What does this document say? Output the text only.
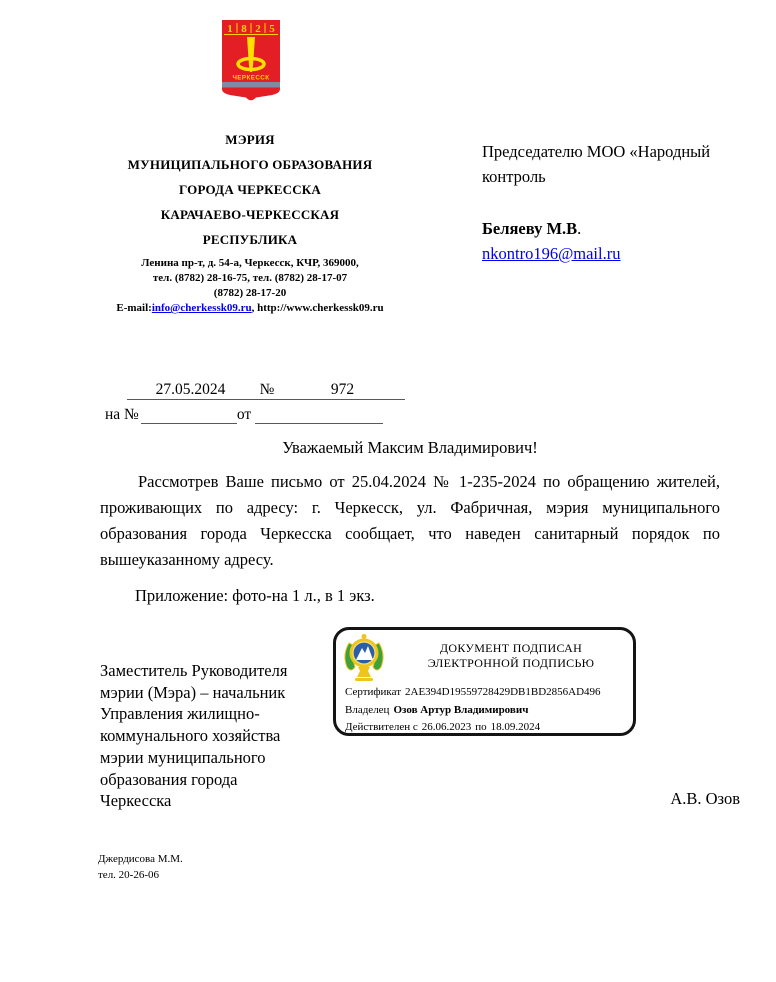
1 8 2 5
ЧЕРКЕССК
МЭРИЯ
МУНИЦИПАЛЬНОГО ОБРАЗОВАНИЯ
ГОРОДА ЧЕРКЕССКА
КАРАЧАЕВО-ЧЕРКЕССКАЯ
РЕСПУБЛИКА
Ленина пр-т, д. 54-а, Черкесск, КЧР, 369000,
тел. (8782) 28-16-75, тел. (8782) 28-17-07
(8782) 28-17-20
E-mail:info@cherkessk09.ru, http://www.cherkessk09.ru
Председателю МОО «Народный
контроль
Беляеву М.В.
nkontro196@mail.ru
27.05.2024	№	972
на №	от
Уважаемый Максим Владимирович!
Рассмотрев Ваше письмо от 25.04.2024 № 1-235-2024 по обращению жителей, проживающих по адресу: г. Черкесск, ул. Фабричная, мэрия муниципального образования города Черкесска сообщает, что наведен санитарный порядок по вышеуказанному адресу.
Приложение: фото-на 1 л., в 1 экз.
ДОКУМЕНТ ПОДПИСАН
ЭЛЕКТРОННОЙ ПОДПИСЬЮ
Сертификат 2AE394D19559728429DB1BD2856AD496
Владелец Озов Артур Владимирович
Действителен с 26.06.2023 по 18.09.2024
Заместитель Руководителя
мэрии (Мэра) – начальник
Управления жилищно-
коммунального хозяйства
мэрии муниципального
образования города
Черкесска	А.В. Озов
Джердисова М.М.
тел. 20-26-06
